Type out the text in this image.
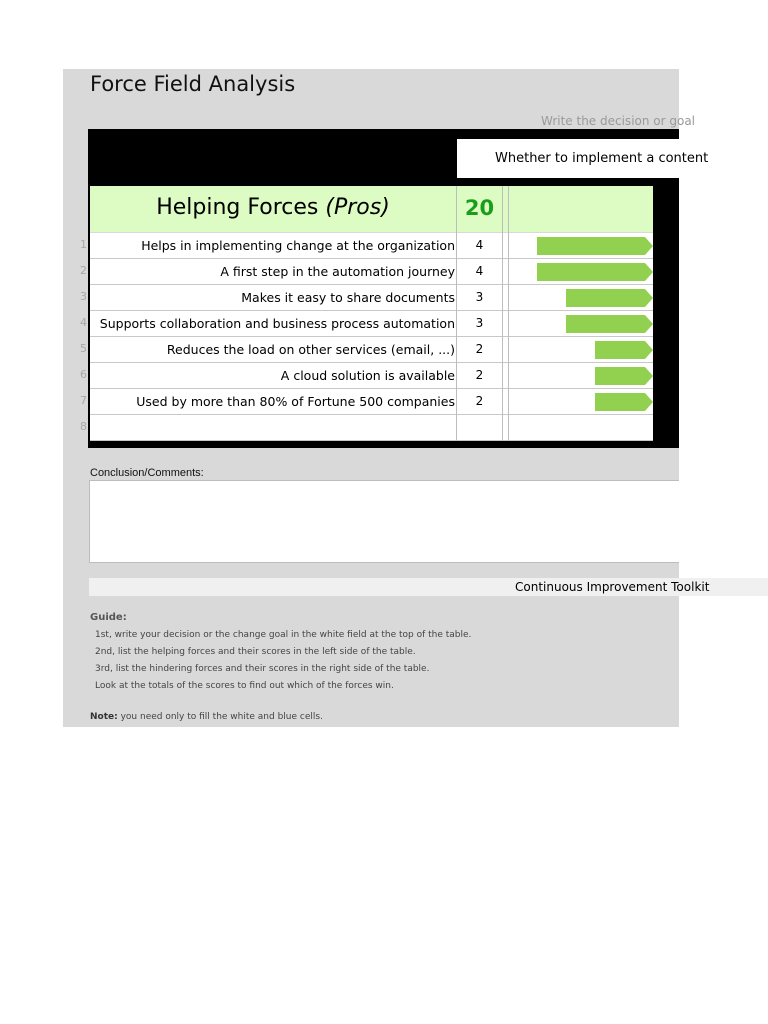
Force Field Analysis
Write the decision or goal
Whether to implement a content
Helping Forces (Pros)	20
1	Helps in implementing change at the organization	4
2	A first step in the automation journey	4
3	Makes it easy to share documents	3
4	Supports collaboration and business process automation	3
5	Reduces the load on other services (email, ...)	2
6	A cloud solution is available	2
7	Used by more than 80% of Fortune 500 companies	2
8
Conclusion/Comments:
Continuous Improvement Toolkit
Guide:
1st, write your decision or the change goal in the white field at the top of the table.
2nd, list the helping forces and their scores in the left side of the table.
3rd, list the hindering forces and their scores in the right side of the table.
Look at the totals of the scores to find out which of the forces win.
Note: you need only to fill the white and blue cells.
